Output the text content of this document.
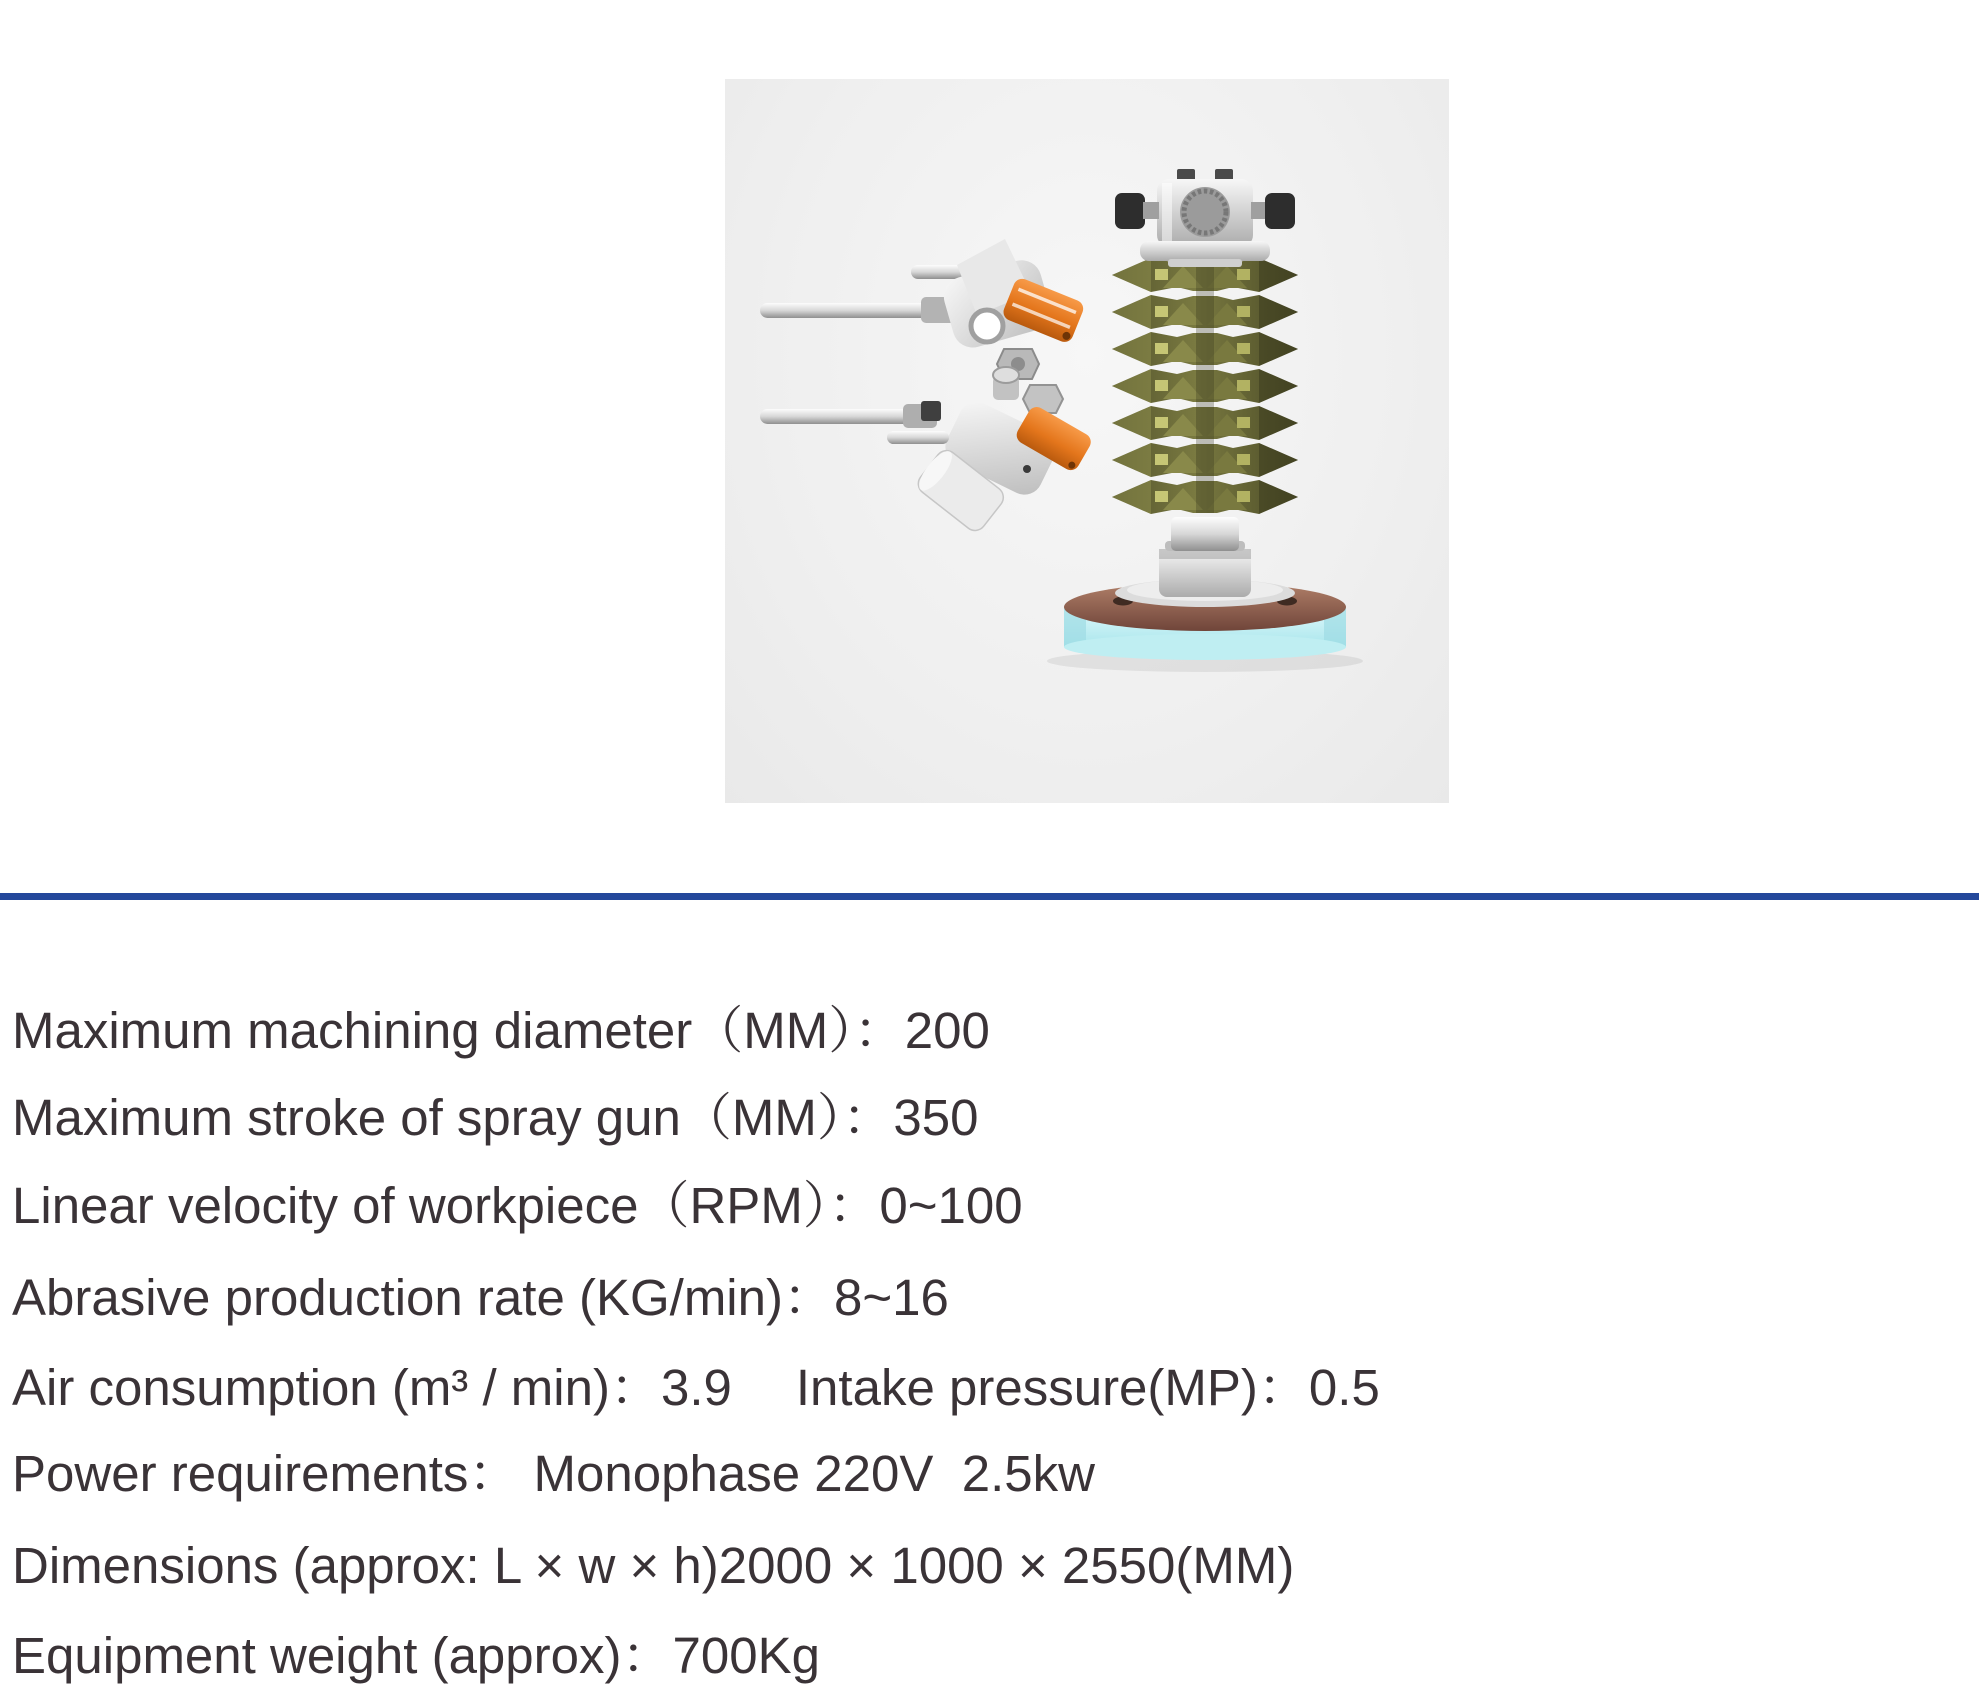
Maximum machining diameter（MM）：200
Maximum stroke of spray gun（MM）：350
Linear velocity of workpiece（RPM）：0~100
Abrasive production rate (KG/min)：8~16
Air consumption (m³ / min)：3.9 Intake pressure(MP)：0.5
Power requirements： Monophase 220V  2.5kw
Dimensions (approx: L × w × h)2000 × 1000 × 2550(MM)
Equipment weight (approx)：700Kg
